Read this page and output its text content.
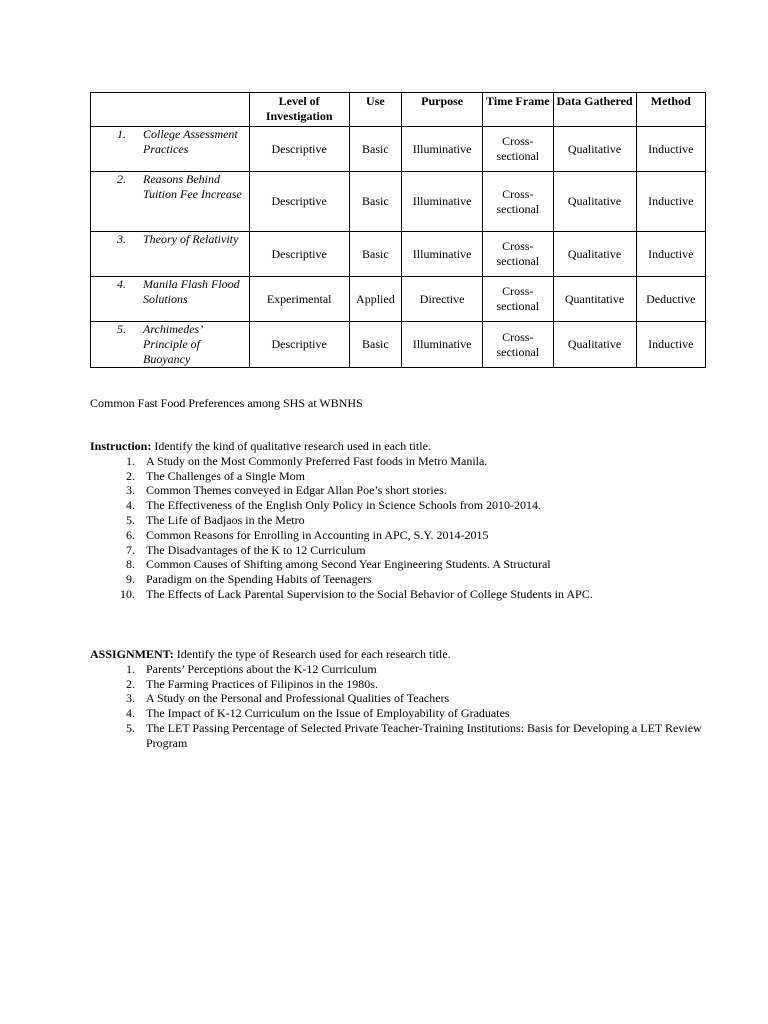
	Level of Investigation	Use	Purpose	Time Frame	Data Gathered	Method

1. College Assessment Practices	Descriptive	Basic	Illuminative	Cross-sectional	Qualitative	Inductive

2. Reasons Behind Tuition Fee Increase	Descriptive	Basic	Illuminative	Cross-sectional	Qualitative	Inductive

3. Theory of Relativity	Descriptive	Basic	Illuminative	Cross-sectional	Qualitative	Inductive

4. Manila Flash Flood Solutions	Experimental	Applied	Directive	Cross-sectional	Quantitative	Deductive

5. Archimedes’ Principle of Buoyancy	Descriptive	Basic	Illuminative	Cross-sectional	Qualitative	Inductive
Common Fast Food Preferences among SHS at WBNHS
Instruction: Identify the kind of qualitative research used in each title.
1. A Study on the Most Commonly Preferred Fast foods in Metro Manila.
2. The Challenges of a Single Mom
3. Common Themes conveyed in Edgar Allan Poe’s short stories.
4. The Effectiveness of the English Only Policy in Science Schools from 2010-2014.
5. The Life of Badjaos in the Metro
6. Common Reasons for Enrolling in Accounting in APC, S.Y. 2014-2015
7. The Disadvantages of the K to 12 Curriculum
8. Common Causes of Shifting among Second Year Engineering Students. A Structural
9. Paradigm on the Spending Habits of Teenagers
10. The Effects of Lack Parental Supervision to the Social Behavior of College Students in APC.
ASSIGNMENT: Identify the type of Research used for each research title.
1. Parents’ Perceptions about the K-12 Curriculum
2. The Farming Practices of Filipinos in the 1980s.
3. A Study on the Personal and Professional Qualities of Teachers
4. The Impact of K-12 Curriculum on the Issue of Employability of Graduates
5. The LET Passing Percentage of Selected Private Teacher-Training Institutions: Basis for Developing a LET Review Program
